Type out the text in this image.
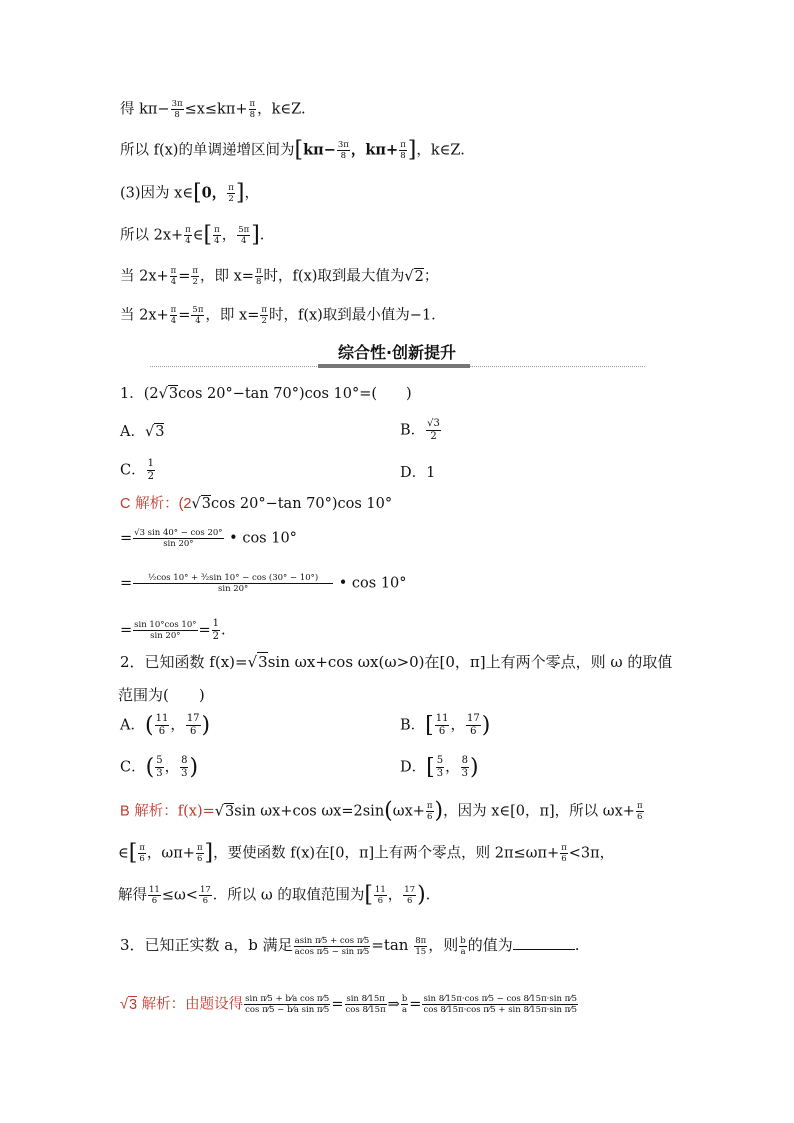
得 $k\pi- \frac{3\pi}{8} \le x\le k\pi+ \frac{\pi}{8}$ ，k∈Z.
所以 f(x)的单调递增区间为[$k\pi- \frac{3\pi}{8}$ ，$k\pi+ \frac{\pi}{8}$ ]，k∈Z.
(3)因为 x∈[0， $\frac{\pi}{2}$ ]，
所以 $2x+ \frac{\pi}{4}$ ∈[ $\frac{\pi}{4}$ ， $\frac{5\pi}{4}$ ].
当 $2x+ \frac{\pi}{4} = \frac{\pi}{2}$ ，即 $x= \frac{\pi}{8}$ 时，f(x)取到最大值为√2；
当 $2x+ \frac{\pi}{4} = \frac{5\pi}{4}$ ，即 $x= \frac{\pi}{2}$ 时，f(x)取到最小值为−1.
综合性·创新提升
1．(2√3cos 20°−tan 70°)cos 10°=(　　)
A．√3	B． $\frac{√3}{2}$
C． $\frac{1}{2}$	D．1
C 解析：(2√3cos 20°−tan 70°)cos 10°
= $\frac{√3 \sin 40^\circ - \cos 20^\circ}{\sin 20^\circ}$ • cos 10°
= $\frac{\text{½cos 10° + ³⁄₂sin 10° − cos (30° − 10°)}}{\sin 20^\circ}$ • cos 10°
= $\frac{\sin 10^\circ\cos 10^\circ}{\sin 20^\circ} = \frac{1}{2}$ .
2．已知函数 f(x)=√3sin ωx+cos ωx(ω>0)在[0，π]上有两个零点，则 ω 的取值
范围为(　　)
A．( $\frac{11}{6}$ ， $\frac{17}{6}$ )	B．[ $\frac{11}{6}$ ， $\frac{17}{6}$ )
C．( $\frac{5}{3}$ ， $\frac{8}{3}$ )	D．[ $\frac{5}{3}$ ， $\frac{8}{3}$ )
B 解析：f(x)=√3sin ωx+cos $\omega x=2\sin(\omega x+ \frac{\pi}{6}$ )，因为 x∈[0，π]，所以 $\omega x+ \frac{\pi}{6}$
∈[ $\frac{\pi}{6}$ ，$\omega\pi+ \frac{\pi}{6}$ ]，要使函数 f(x)在[0，π]上有两个零点，则 $2\pi\le\omega\pi+ \frac{\pi}{6} <3\pi$，
解得 $\frac{11}{6} \le\omega< \frac{17}{6}$ ．所以 ω 的取值范围为[ $\frac{11}{6}$ ， $\frac{17}{6}$ ).
3．已知正实数 a，b 满足 $\frac{\text{asin π⁄5 + cos π⁄5}}{\text{acos π⁄5 − sin π⁄5}} =\tan \frac{8\pi}{15}$ ，则 $\frac{b}{a}$ 的值为	.
√3 解析：由题设得 $\frac{\text{sin π⁄5 + b⁄a cos π⁄5}}{\text{cos π⁄5 − b⁄a sin π⁄5}} = \frac{\sin 8⁄15\pi}{\cos 8⁄15\pi}$ ⇒ $\frac{b}{a} = \frac{\text{sin 8⁄15π·cos π⁄5 − cos 8⁄15π·sin π⁄5}}{\text{cos 8⁄15π·cos π⁄5 + sin 8⁄15π·sin π⁄5}}$
